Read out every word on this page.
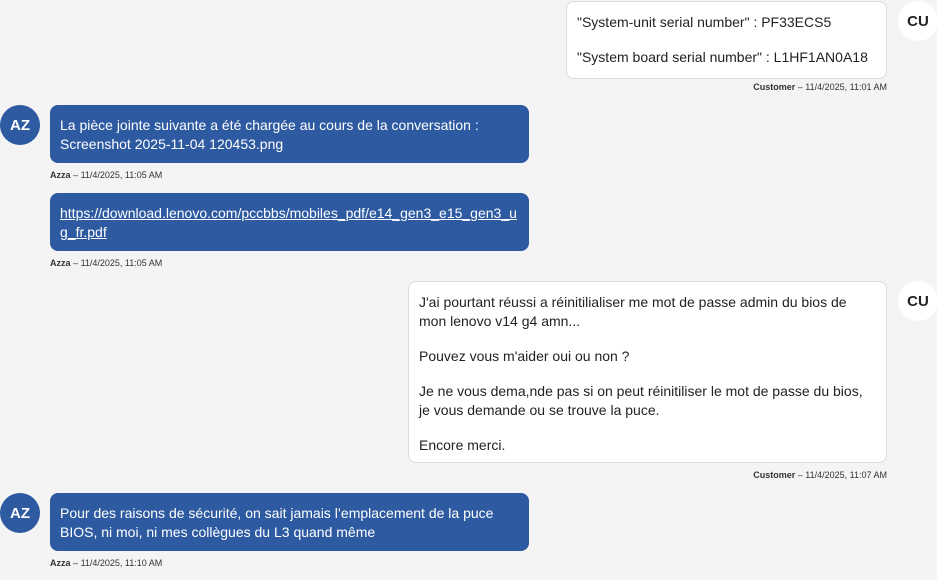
"System-unit serial number" : PF33ECS5

"System board serial number" : L1HF1AN0A18

CU
Customer – 11/4/2025, 11:01 AM
AZ	La pièce jointe suivante a été chargée au cours de la conversation : Screenshot 2025-11-04 120453.png

Azza – 11/4/2025, 11:05 AM

https://download.lenovo.com/pccbbs/mobiles_pdf/e14_gen3_e15_gen3_ug_fr.pdf

Azza – 11/4/2025, 11:05 AM

J'ai pourtant réussi a réinitilialiser me mot de passe admin du bios de mon lenovo v14 g4 amn...

Pouvez vous m'aider oui ou non ?

Je ne vous dema,nde pas si on peut réinitiliser le mot de passe du bios, je vous demande ou se trouve la puce.

Encore merci.

CU
Customer – 11/4/2025, 11:07 AM
AZ	Pour des raisons de sécurité, on sait jamais l’emplacement de la puce BIOS, ni moi, ni mes collègues du L3 quand même

Azza – 11/4/2025, 11:10 AM
